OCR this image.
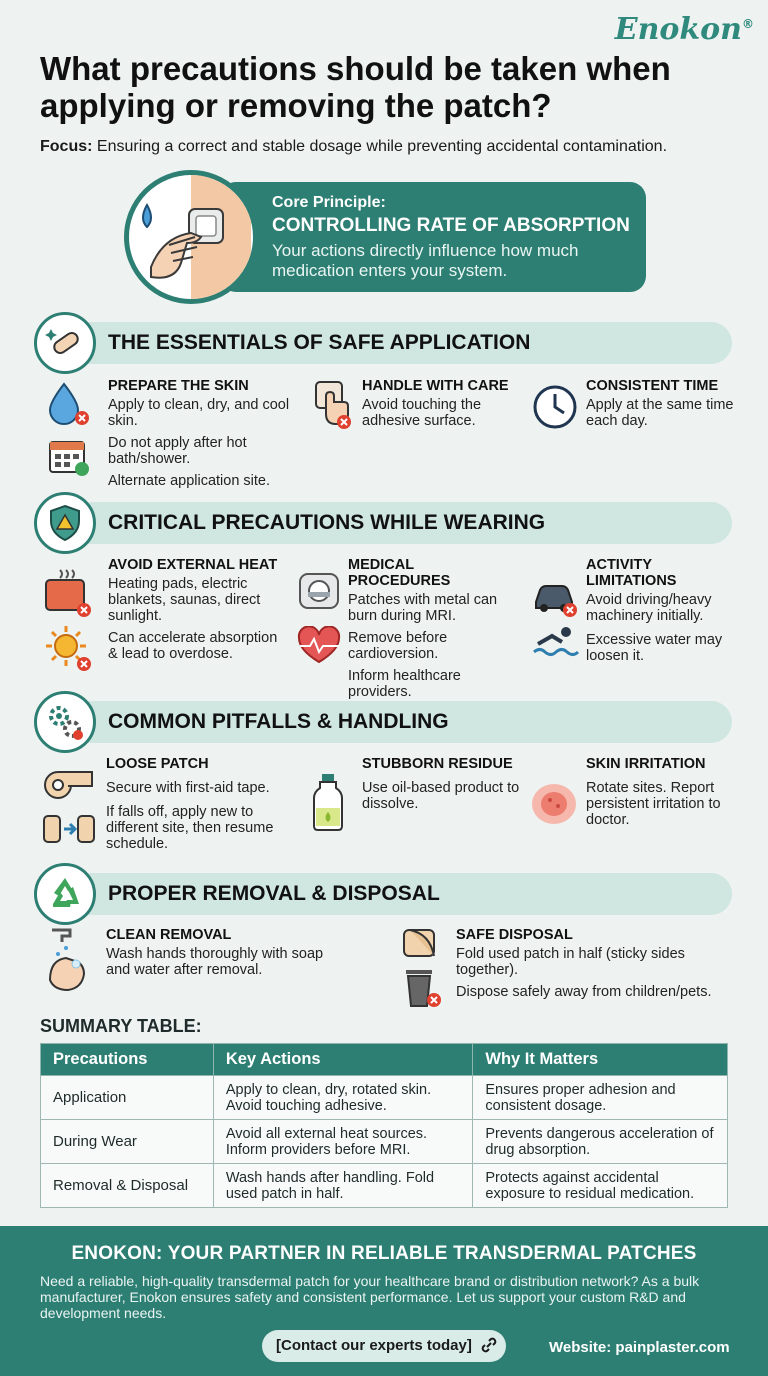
Enokon®
What precautions should be taken when applying or removing the patch?
Focus: Ensuring a correct and stable dosage while preventing accidental contamination.
Core Principle:
CONTROLLING RATE OF ABSORPTION
Your actions directly influence how much medication enters your system.
THE ESSENTIALS OF SAFE APPLICATION
PREPARE THE SKIN
Apply to clean, dry, and cool skin.
Do not apply after hot bath/shower.
Alternate application site.
HANDLE WITH CARE
Avoid touching the adhesive surface.
CONSISTENT TIME
Apply at the same time each day.
CRITICAL PRECAUTIONS WHILE WEARING
AVOID EXTERNAL HEAT
Heating pads, electric blankets, saunas, direct sunlight.
Can accelerate absorption & lead to overdose.
MEDICAL PROCEDURES
Patches with metal can burn during MRI.
Remove before cardioversion.
Inform healthcare providers.
ACTIVITY LIMITATIONS
Avoid driving/heavy machinery initially.
Excessive water may loosen it.
COMMON PITFALLS & HANDLING
LOOSE PATCH
Secure with first-aid tape.
If falls off, apply new to different site, then resume schedule.
STUBBORN RESIDUE
Use oil-based product to dissolve.
SKIN IRRITATION
Rotate sites. Report persistent irritation to doctor.
PROPER REMOVAL & DISPOSAL
CLEAN REMOVAL
Wash hands thoroughly with soap and water after removal.
SAFE DISPOSAL
Fold used patch in half (sticky sides together).
Dispose safely away from children/pets.
SUMMARY TABLE:
Precautions	Key Actions	Why It Matters
Application	Apply to clean, dry, rotated skin. Avoid touching adhesive.	Ensures proper adhesion and consistent dosage.
During Wear	Avoid all external heat sources. Inform providers before MRI.	Prevents dangerous acceleration of drug absorption.
Removal & Disposal	Wash hands after handling. Fold used patch in half.	Protects against accidental exposure to residual medication.
ENOKON: YOUR PARTNER IN RELIABLE TRANSDERMAL PATCHES
Need a reliable, high-quality transdermal patch for your healthcare brand or distribution network? As a bulk manufacturer, Enokon ensures safety and consistent performance. Let us support your custom R&D and development needs.
[Contact our experts today]	Website: painplaster.com
